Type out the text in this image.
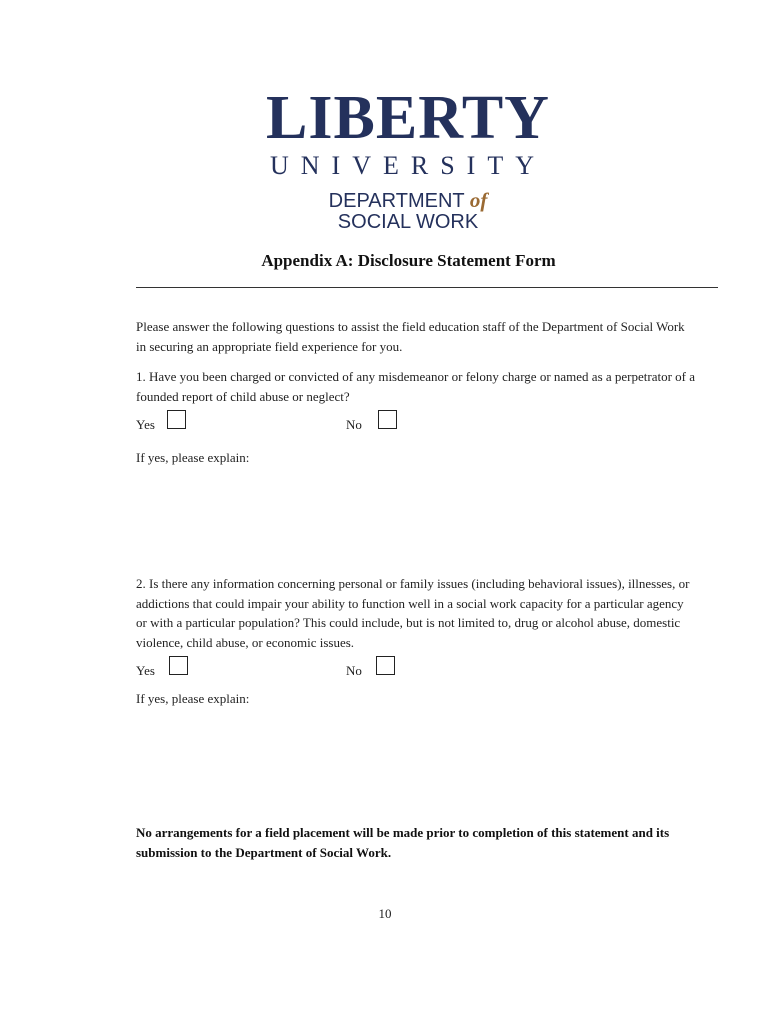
LIBERTY
UNIVERSITY
DEPARTMENT of
SOCIAL WORK
Appendix A: Disclosure Statement Form
Please answer the following questions to assist the field education staff of the Department of Social Work in securing an appropriate field experience for you.
1. Have you been charged or convicted of any misdemeanor or felony charge or named as a perpetrator of a founded report of child abuse or neglect?
Yes	No
If yes, please explain:
2. Is there any information concerning personal or family issues (including behavioral issues), illnesses, or addictions that could impair your ability to function well in a social work capacity for a particular agency or with a particular population? This could include, but is not limited to, drug or alcohol abuse, domestic violence, child abuse, or economic issues.
Yes	No
If yes, please explain:
No arrangements for a field placement will be made prior to completion of this statement and its submission to the Department of Social Work.
10
